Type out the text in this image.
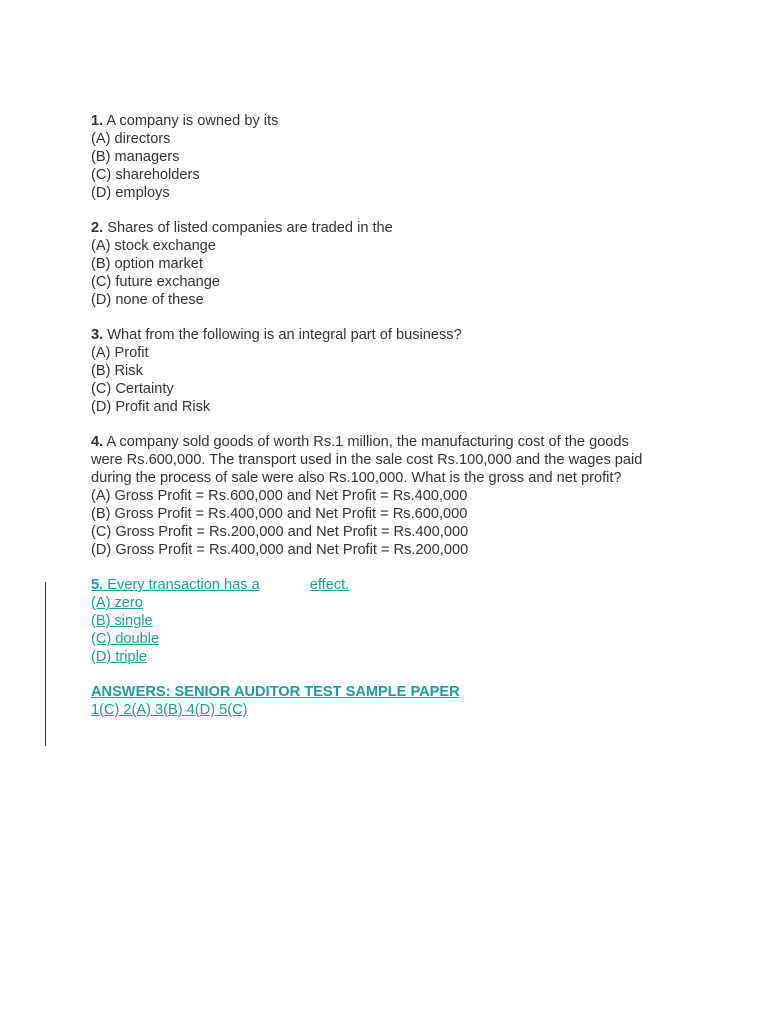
1. A company is owned by its
(A) directors
(B) managers
(C) shareholders
(D) employs
2. Shares of listed companies are traded in the
(A) stock exchange
(B) option market
(C) future exchange
(D) none of these
3. What from the following is an integral part of business?
(A) Profit
(B) Risk
(C) Certainty
(D) Profit and Risk
4. A company sold goods of worth Rs.1 million, the manufacturing cost of the goods
were Rs.600,000. The transport used in the sale cost Rs.100,000 and the wages paid
during the process of sale were also Rs.100,000. What is the gross and net profit?
(A) Gross Profit = Rs.600,000 and Net Profit = Rs.400,000
(B) Gross Profit = Rs.400,000 and Net Profit = Rs.600,000
(C) Gross Profit = Rs.200,000 and Net Profit = Rs.400,000
(D) Gross Profit = Rs.400,000 and Net Profit = Rs.200,000
5. Every transaction has a	effect.
(A) zero
(B) single
(C) double
(D) triple
ANSWERS: SENIOR AUDITOR TEST SAMPLE PAPER
1(C) 2(A) 3(B) 4(D) 5(C)
